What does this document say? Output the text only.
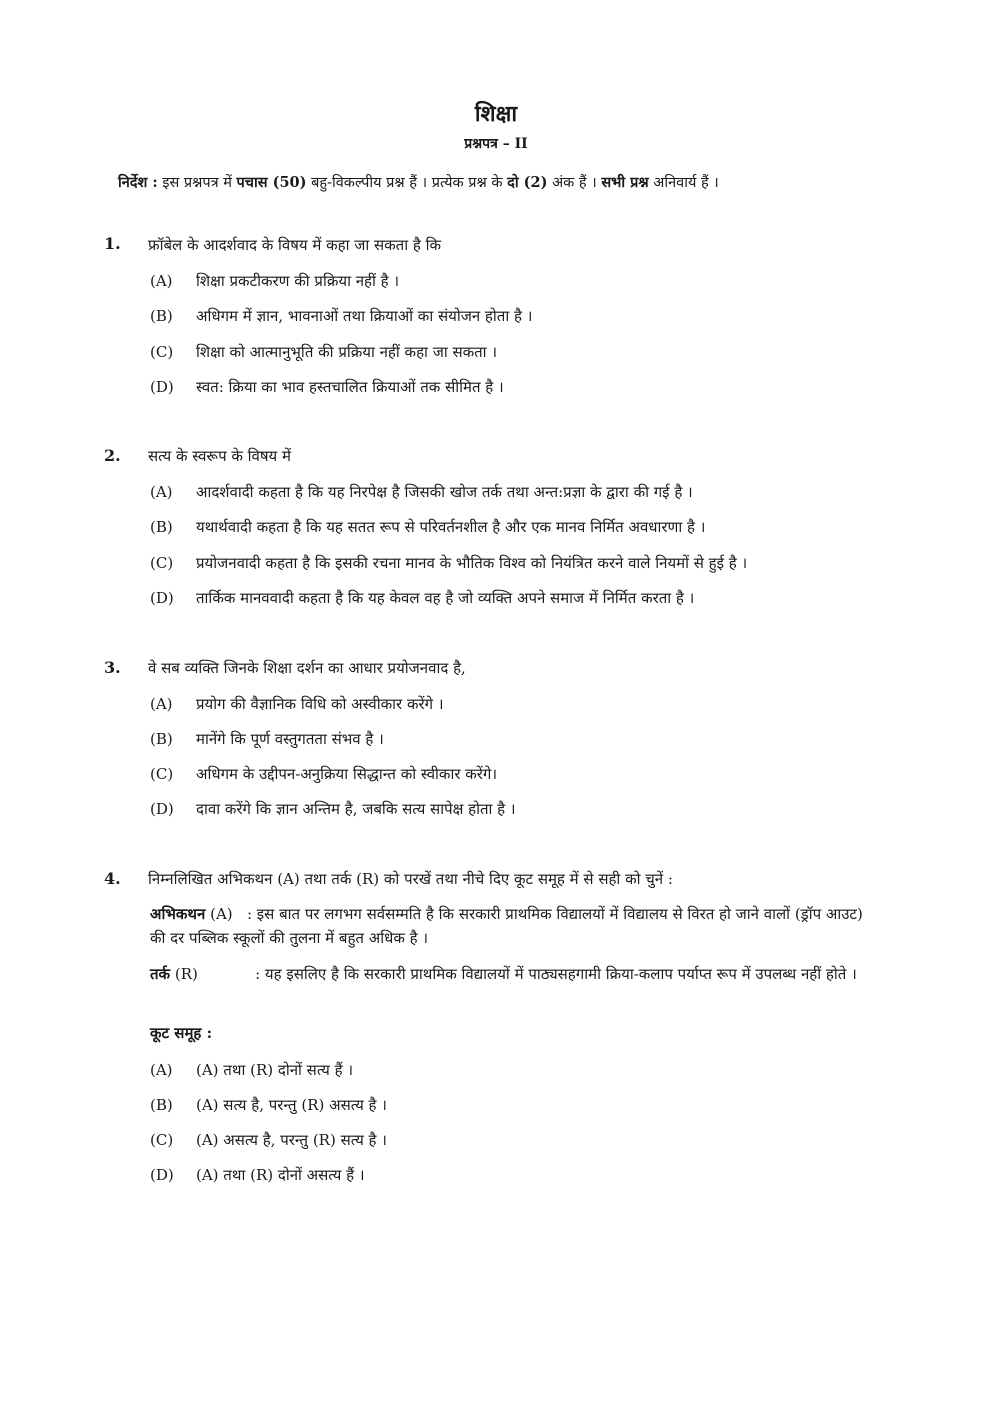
शिक्षा
प्रश्नपत्र – II
निर्देश : इस प्रश्नपत्र में पचास (50) बहु-विकल्पीय प्रश्न हैं । प्रत्येक प्रश्न के दो (2) अंक हैं । सभी प्रश्न अनिवार्य हैं ।
1. फ्रॉबेल के आदर्शवाद के विषय में कहा जा सकता है कि
(A) शिक्षा प्रकटीकरण की प्रक्रिया नहीं है ।
(B) अधिगम में ज्ञान, भावनाओं तथा क्रियाओं का संयोजन होता है ।
(C) शिक्षा को आत्मानुभूति की प्रक्रिया नहीं कहा जा सकता ।
(D) स्वत: क्रिया का भाव हस्तचालित क्रियाओं तक सीमित है ।
2. सत्य के स्वरूप के विषय में
(A) आदर्शवादी कहता है कि यह निरपेक्ष है जिसकी खोज तर्क तथा अन्त:प्रज्ञा के द्वारा की गई है ।
(B) यथार्थवादी कहता है कि यह सतत रूप से परिवर्तनशील है और एक मानव निर्मित अवधारणा है ।
(C) प्रयोजनवादी कहता है कि इसकी रचना मानव के भौतिक विश्व को नियंत्रित करने वाले नियमों से हुई है ।
(D) तार्किक मानववादी कहता है कि यह केवल वह है जो व्यक्ति अपने समाज में निर्मित करता है ।
3. वे सब व्यक्ति जिनके शिक्षा दर्शन का आधार प्रयोजनवाद है,
(A) प्रयोग की वैज्ञानिक विधि को अस्वीकार करेंगे ।
(B) मानेंगे कि पूर्ण वस्तुगतता संभव है ।
(C) अधिगम के उद्दीपन-अनुक्रिया सिद्धान्त को स्वीकार करेंगे।
(D) दावा करेंगे कि ज्ञान अन्तिम है, जबकि सत्य सापेक्ष होता है ।
4. निम्नलिखित अभिकथन (A) तथा तर्क (R) को परखें तथा नीचे दिए कूट समूह में से सही को चुनें :
अभिकथन (A)   : इस बात पर लगभग सर्वसम्मति है कि सरकारी प्राथमिक विद्यालयों में विद्यालय से विरत हो जाने वालों (ड्रॉप आउट) की दर पब्लिक स्कूलों की तुलना में बहुत अधिक है ।
तर्क (R)            : यह इसलिए है कि सरकारी प्राथमिक विद्यालयों में पाठ्यसहगामी क्रिया-कलाप पर्याप्त रूप में उपलब्ध नहीं होते ।
कूट समूह :
(A) (A) तथा (R) दोनों सत्य हैं ।
(B) (A) सत्य है, परन्तु (R) असत्य है ।
(C) (A) असत्य है, परन्तु (R) सत्य है ।
(D) (A) तथा (R) दोनों असत्य हैं ।
